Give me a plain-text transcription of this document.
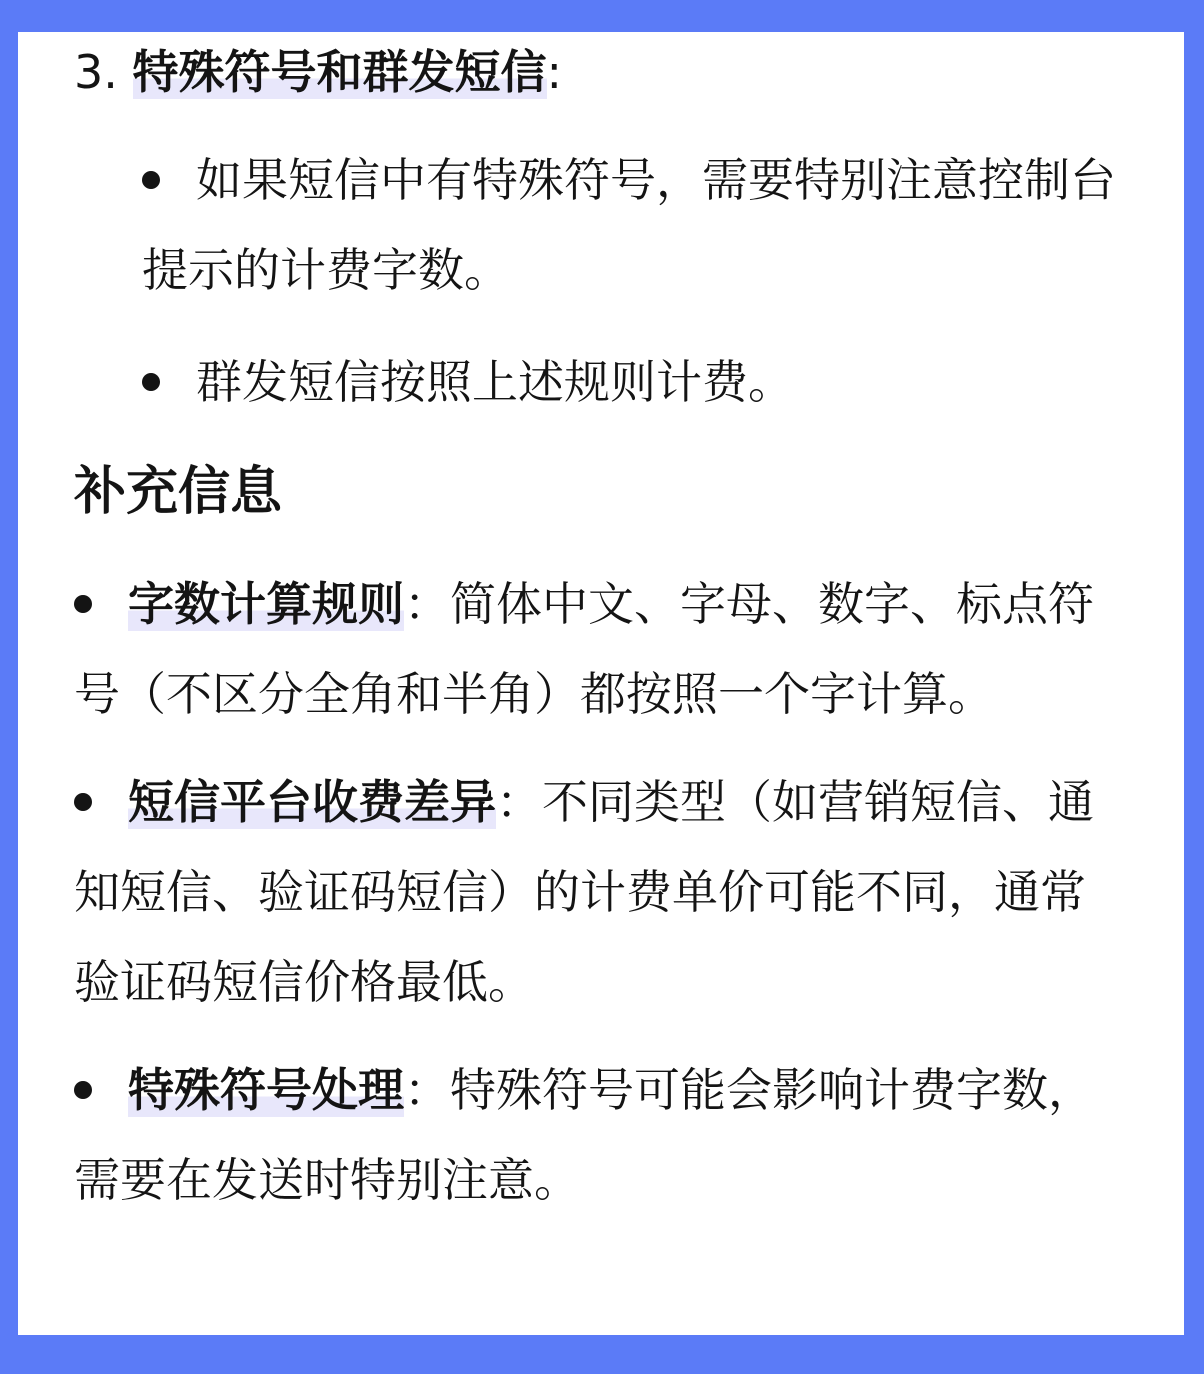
3. 特殊符号和群发短信:
如果短信中有特殊符号，需要特别注意控制台提示的计费字数。
群发短信按照上述规则计费。
补充信息
字数计算规则：简体中文、字母、数字、标点符号（不区分全角和半角）都按照一个字计算。
短信平台收费差异：不同类型（如营销短信、通知短信、验证码短信）的计费单价可能不同，通常验证码短信价格最低。
特殊符号处理：特殊符号可能会影响计费字数，需要在发送时特别注意。
